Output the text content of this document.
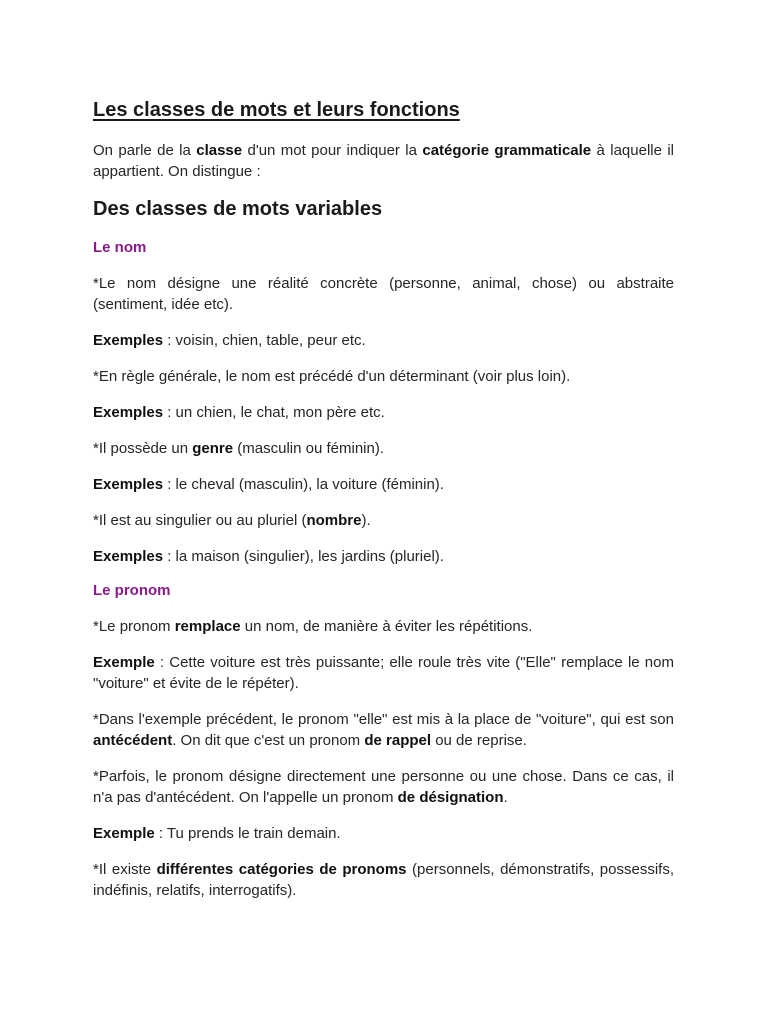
Les classes de mots et leurs fonctions

On parle de la classe d'un mot pour indiquer la catégorie grammaticale à laquelle il appartient. On distingue :

Des classes de mots variables
Le nom

*Le nom désigne une réalité concrète (personne, animal, chose) ou abstraite (sentiment, idée etc).

Exemples : voisin, chien, table, peur etc.

*En règle générale, le nom est précédé d'un déterminant (voir plus loin).

Exemples : un chien, le chat, mon père etc.

*Il possède un genre (masculin ou féminin).

Exemples : le cheval (masculin), la voiture (féminin).

*Il est au singulier ou au pluriel (nombre).

Exemples : la maison (singulier), les jardins (pluriel).

Le pronom

*Le pronom remplace un nom, de manière à éviter les répétitions.

Exemple : Cette voiture est très puissante; elle roule très vite ("Elle" remplace le nom "voiture" et évite de le répéter).

*Dans l'exemple précédent, le pronom "elle" est mis à la place de "voiture", qui est son antécédent. On dit que c'est un pronom de rappel ou de reprise.

*Parfois, le pronom désigne directement une personne ou une chose. Dans ce cas, il n'a pas d'antécédent. On l'appelle un pronom de désignation.

Exemple : Tu prends le train demain.

*Il existe différentes catégories de pronoms (personnels, démonstratifs, possessifs, indéfinis, relatifs, interrogatifs).
